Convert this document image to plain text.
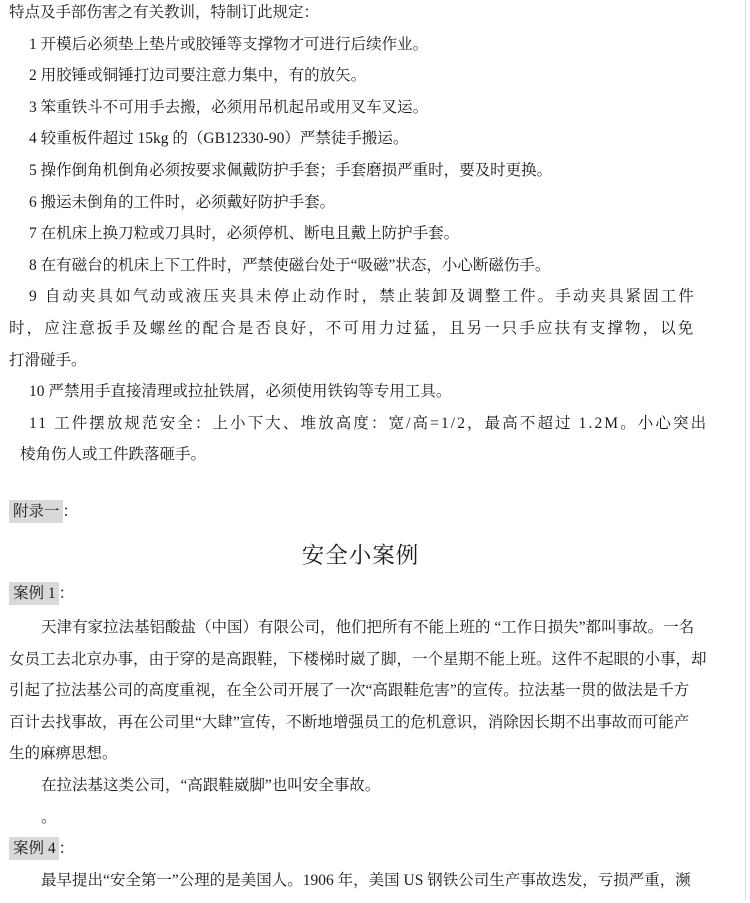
特点及手部伤害之有关教训，特制订此规定：
1 开模后必须垫上垫片或胶锤等支撑物才可进行后续作业。
2 用胶锤或铜锤打边司要注意力集中，有的放矢。
3 笨重铁斗不可用手去搬，必须用吊机起吊或用叉车叉运。
4 较重板件超过 15kg 的（GB12330-90）严禁徒手搬运。
5 操作倒角机倒角必须按要求佩戴防护手套；手套磨损严重时，要及时更换。
6 搬运未倒角的工件时，必须戴好防护手套。
7 在机床上换刀粒或刀具时，必须停机、断电且戴上防护手套。
8 在有磁台的机床上下工件时，严禁使磁台处于“吸磁”状态，小心断磁伤手。
9 自动夹具如气动或液压夹具未停止动作时，禁止装卸及调整工件。手动夹具紧固工件
时，应注意扳手及螺丝的配合是否良好，不可用力过猛，且另一只手应扶有支撑物，以免
打滑碰手。
10 严禁用手直接清理或拉扯铁屑，必须使用铁钩等专用工具。
11 工件摆放规范安全：上小下大、堆放高度：宽/高=1/2，最高不超过 1.2M。小心突出
棱角伤人或工件跌落砸手。
附录一 ：
安全小案例
案例 1 ：
天津有家拉法基铝酸盐（中国）有限公司，他们把所有不能上班的 “工作日损失”都叫事故。一名
女员工去北京办事，由于穿的是高跟鞋，下楼梯时崴了脚，一个星期不能上班。这件不起眼的小事，却
引起了拉法基公司的高度重视，在全公司开展了一次“高跟鞋危害”的宣传。拉法基一贯的做法是千方
百计去找事故，再在公司里“大肆”宣传，不断地增强员工的危机意识，消除因长期不出事故而可能产
生的麻痹思想。
在拉法基这类公司，“高跟鞋崴脚”也叫安全事故。
。
案例 4 ：
最早提出“安全第一”公理的是美国人。1906 年，美国 US 钢铁公司生产事故迭发，亏损严重，濒
